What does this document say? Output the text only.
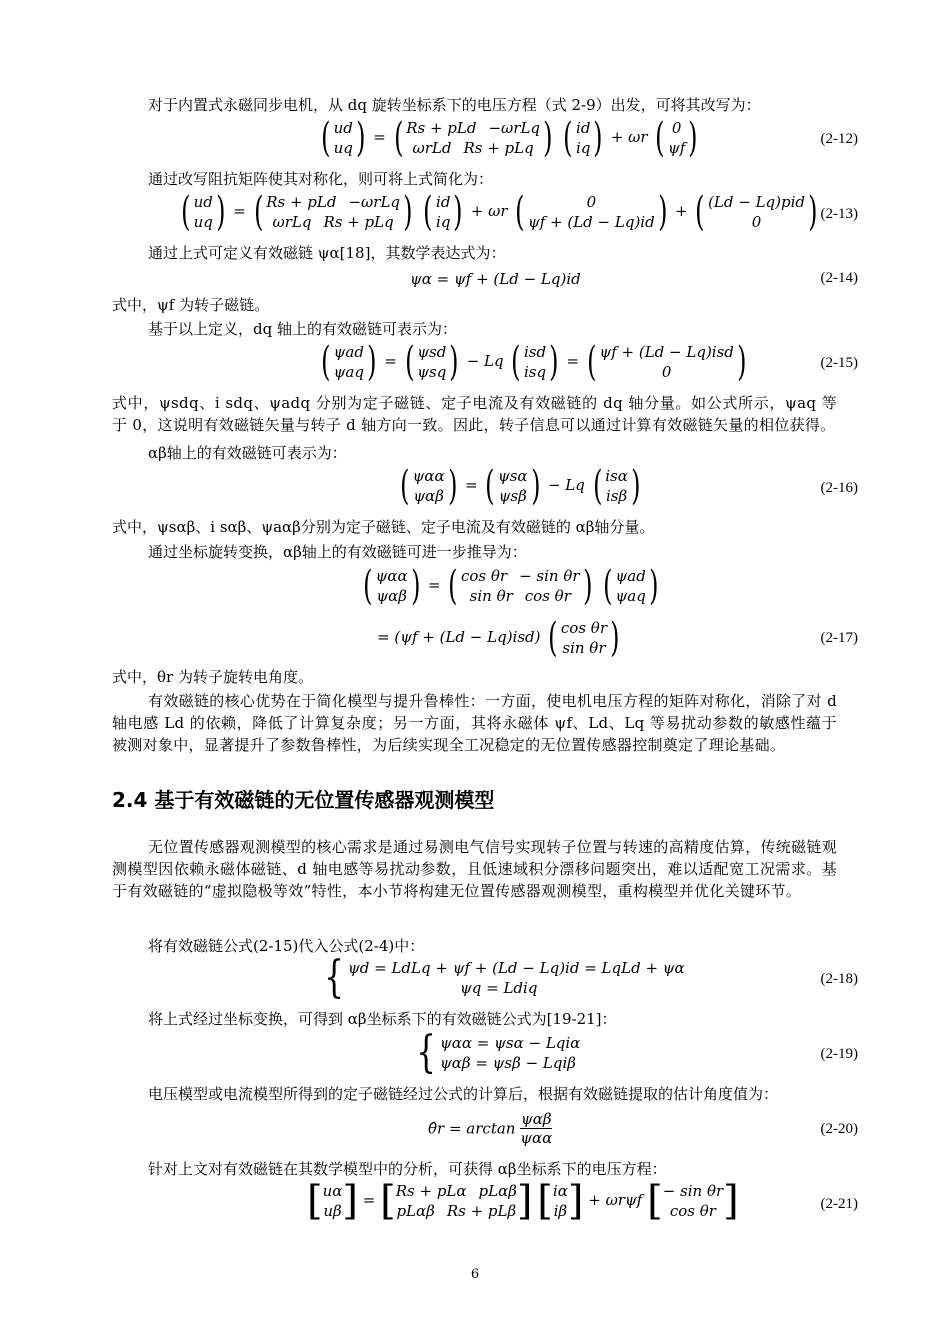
对于内置式永磁同步电机，从 dq 旋转坐标系下的电压方程（式 2-9）出发，可将其改写为：
( ud
uq ) = ( Rs + pLd −ωrLq
ωrLd Rs + pLq )
( id
iq ) + ωr ( 0
ψf )	(2-12)
通过改写阻抗矩阵使其对称化，则可将上式简化为：
( ud
uq ) = ( Rs + pLd −ωrLq
ωrLq Rs + pLq )
( id
iq ) + ωr (	0
ψf + (Ld − Lq)id ) + ( (Ld − Lq)pid
0 ) (2-13)
通过上式可定义有效磁链 ψα[18]，其数学表达式为：
ψα = ψf + (Ld − Lq)id	(2-14)
式中，ψf 为转子磁链。
基于以上定义，dq 轴上的有效磁链可表示为：
( ψad
ψaq ) = ( ψsd
ψsq ) − Lq ( isd
isq ) = ( ψf + (Ld − Lq)isd
0 )	(2-15)
式中，ψsdq、i sdq、ψadq 分别为定子磁链、定子电流及有效磁链的 dq 轴分量。如公式所示，ψaq 等于 0，这说明有效磁链矢量与转子 d 轴方向一致。因此，转子信息可以通过计算有效磁链矢量的相位获得。
αβ轴上的有效磁链可表示为：
( ψαα
ψαβ ) = ( ψsα
ψsβ ) − Lq ( isα
isβ )	(2-16)
式中，ψsαβ、i sαβ、ψaαβ分别为定子磁链、定子电流及有效磁链的 αβ轴分量。
通过坐标旋转变换，αβ轴上的有效磁链可进一步推导为：
( ψαα
ψαβ ) = ( cos θr − sin θr
sin θr cos θr )
( ψad
ψaq )
= (ψf + (Ld − Lq)isd) ( cos θr
sin θr )	(2-17)
式中，θr 为转子旋转电角度。
有效磁链的核心优势在于简化模型与提升鲁棒性：一方面，使电机电压方程的矩阵对称化，消除了对 d 轴电感 Ld 的依赖，降低了计算复杂度；另一方面，其将永磁体 ψf、Ld、Lq 等易扰动参数的敏感性蕴于被测对象中，显著提升了参数鲁棒性，为后续实现全工况稳定的无位置传感器控制奠定了理论基础。
2.4 基于有效磁链的无位置传感器观测模型
无位置传感器观测模型的核心需求是通过易测电气信号实现转子位置与转速的高精度估算，传统磁链观测模型因依赖永磁体磁链、d 轴电感等易扰动参数，且低速域积分漂移问题突出，难以适配宽工况需求。基于有效磁链的“虚拟隐极等效”特性，本小节将构建无位置传感器观测模型，重构模型并优化关键环节。
将有效磁链公式(2-15)代入公式(2-4)中：
{ ψd = LdLq + ψf + (Ld − Lq)id = LqLd + ψα
ψq = Ldiq	(2-18)
将上式经过坐标变换，可得到 αβ坐标系下的有效磁链公式为[19-21]：
{ ψαα = ψsα − Lqiα
ψαβ = ψsβ − Lqiβ	(2-19)
电压模型或电流模型所得到的定子磁链经过公式的计算后，根据有效磁链提取的估计角度值为：
θ̂r = $\arctan \frac{\text{ψαβ}}{\text{ψαα}}$	(2-20)
针对上文对有效磁链在其数学模型中的分析，可获得 αβ坐标系下的电压方程：
[ uα
uβ ] = [ Rs + pLα pLαβ
pLαβ Rs + pLβ ]
[ iα
iβ ] + ωrψf [ − sin θr
cos θr ]	(2-21)
6
